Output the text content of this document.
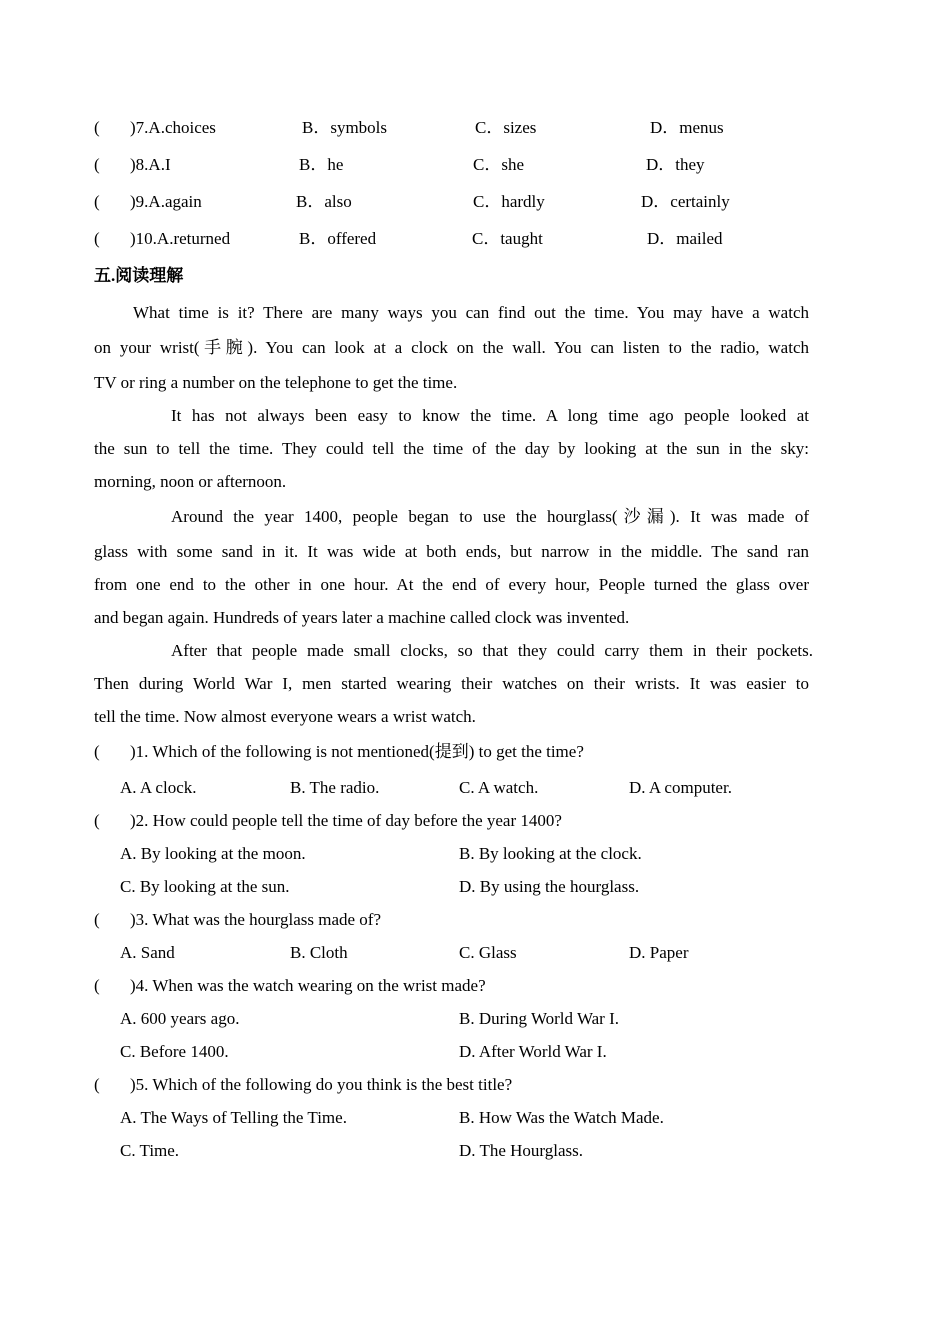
( )7.A.choices	B．symbols	C．sizes	D．menus
( )8.A.I	B．he	C．she	D．they
( )9.A.again	B．also	C．hardly	D．certainly
( )10.A.returned	B．offered	C．taught	D．mailed
五.阅读理解
What time is it? There are many ways you can find out the time. You may have a watch
on your wrist(手腕). You can look at a clock on the wall. You can listen to the radio, watch
TV or ring a number on the telephone to get the time.
It has not always been easy to know the time. A long time ago people looked at
the sun to tell the time. They could tell the time of the day by looking at the sun in the sky:
morning, noon or afternoon.
Around the year 1400, people began to use the hourglass(沙漏). It was made of
glass with some sand in it. It was wide at both ends, but narrow in the middle. The sand ran
from one end to the other in one hour. At the end of every hour, People turned the glass over
and began again. Hundreds of years later a machine called clock was invented.
After that people made small clocks, so that they could carry them in their pockets.
Then during World War I, men started wearing their watches on their wrists. It was easier to
tell the time. Now almost everyone wears a wrist watch.
( )1. Which of the following is not mentioned(提到) to get the time?
A. A clock.	B. The radio.	C. A watch.	D. A computer.
( )2. How could people tell the time of day before the year 1400?
A. By looking at the moon.	B. By looking at the clock.
C. By looking at the sun.	D. By using the hourglass.
( )3. What was the hourglass made of?
A. Sand	B. Cloth	C. Glass	D. Paper
( )4. When was the watch wearing on the wrist made?
A. 600 years ago.	B. During World War I.
C. Before 1400.	D. After World War I.
( )5. Which of the following do you think is the best title?
A. The Ways of Telling the Time.	B. How Was the Watch Made.
C. Time.	D. The Hourglass.
